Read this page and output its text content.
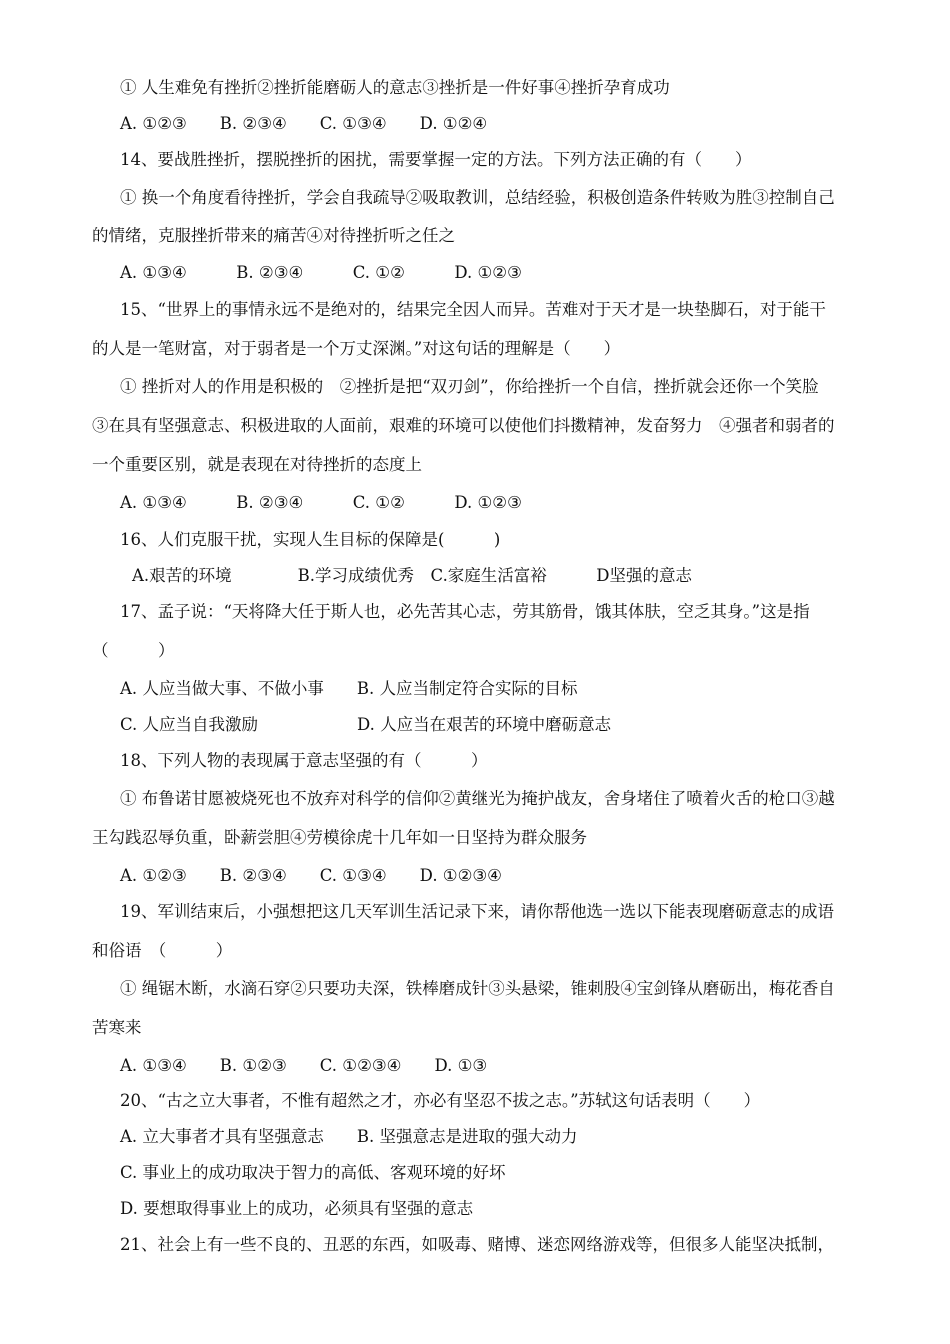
① 人生难免有挫折②挫折能磨砺人的意志③挫折是一件好事④挫折孕育成功
A. ①②③　　B. ②③④　　C. ①③④　　D. ①②④
14、要战胜挫折，摆脱挫折的困扰，需要掌握一定的方法。下列方法正确的有（　　）
① 换一个角度看待挫折，学会自我疏导②吸取教训，总结经验，积极创造条件转败为胜③控制自己
的情绪，克服挫折带来的痛苦④对待挫折听之任之
A. ①③④　　　B. ②③④　　　C. ①②　　　D. ①②③
15、“世界上的事情永远不是绝对的，结果完全因人而异。苦难对于天才是一块垫脚石，对于能干
的人是一笔财富，对于弱者是一个万丈深渊。”对这句话的理解是（　　）
① 挫折对人的作用是积极的　②挫折是把“双刃剑”，你给挫折一个自信，挫折就会还你一个笑脸
③在具有坚强意志、积极进取的人面前，艰难的环境可以使他们抖擞精神，发奋努力　④强者和弱者的
一个重要区别，就是表现在对待挫折的态度上
A. ①③④　　　B. ②③④　　　C. ①②　　　D. ①②③
16、人们克服干扰，实现人生目标的保障是(　　　)
A.艰苦的环境　　　　B.学习成绩优秀　C.家庭生活富裕　　　D坚强的意志
17、孟子说：“天将降大任于斯人也，必先苦其心志，劳其筋骨，饿其体肤，空乏其身。”这是指
（　　　）
A. 人应当做大事、不做小事　　B. 人应当制定符合实际的目标
C. 人应当自我激励　　　　　　D. 人应当在艰苦的环境中磨砺意志
18、下列人物的表现属于意志坚强的有（　　　）
① 布鲁诺甘愿被烧死也不放弃对科学的信仰②黄继光为掩护战友，舍身堵住了喷着火舌的枪口③越
王勾践忍辱负重，卧薪尝胆④劳模徐虎十几年如一日坚持为群众服务
A. ①②③　　B. ②③④　　C. ①③④　　D. ①②③④
19、军训结束后，小强想把这几天军训生活记录下来，请你帮他选一选以下能表现磨砺意志的成语
和俗语　（　　　）
① 绳锯木断，水滴石穿②只要功夫深，铁棒磨成针③头悬梁，锥刺股④宝剑锋从磨砺出，梅花香自
苦寒来
A. ①③④　　B. ①②③　　C. ①②③④　　D. ①③
20、“古之立大事者，不惟有超然之才，亦必有坚忍不拔之志。”苏轼这句话表明（　　）
A. 立大事者才具有坚强意志　　B. 坚强意志是进取的强大动力
C. 事业上的成功取决于智力的高低、客观环境的好坏
D. 要想取得事业上的成功，必须具有坚强的意志
21、社会上有一些不良的、丑恶的东西，如吸毒、赌博、迷恋网络游戏等，但很多人能坚决抵制，
